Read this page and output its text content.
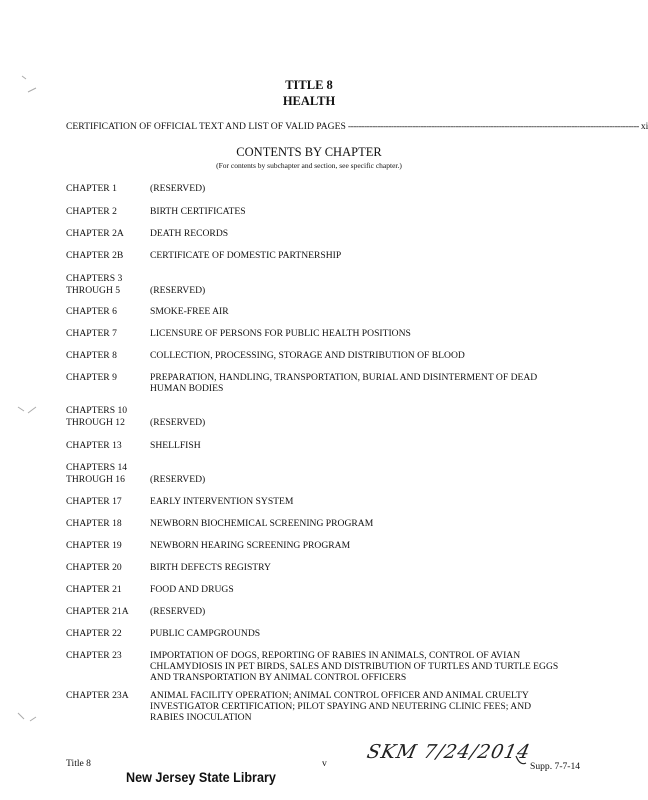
TITLE 8
HEALTH
CERTIFICATION OF OFFICIAL TEXT AND LIST OF VALID PAGES ------------------------------------------------------------------------------------------------------------ xi
CONTENTS BY CHAPTER
(For contents by subchapter and section, see specific chapter.)
CHAPTER 1	(RESERVED)
CHAPTER 2	BIRTH CERTIFICATES
CHAPTER 2A	DEATH RECORDS
CHAPTER 2B	CERTIFICATE OF DOMESTIC PARTNERSHIP
CHAPTERS 3
THROUGH 5	(RESERVED)
CHAPTER 6	SMOKE-FREE AIR
CHAPTER 7	LICENSURE OF PERSONS FOR PUBLIC HEALTH POSITIONS
CHAPTER 8	COLLECTION, PROCESSING, STORAGE AND DISTRIBUTION OF BLOOD
CHAPTER 9	PREPARATION, HANDLING, TRANSPORTATION, BURIAL AND DISINTERMENT OF DEAD HUMAN BODIES
CHAPTERS 10
THROUGH 12	(RESERVED)
CHAPTER 13	SHELLFISH
CHAPTERS 14
THROUGH 16	(RESERVED)
CHAPTER 17	EARLY INTERVENTION SYSTEM
CHAPTER 18	NEWBORN BIOCHEMICAL SCREENING PROGRAM
CHAPTER 19	NEWBORN HEARING SCREENING PROGRAM
CHAPTER 20	BIRTH DEFECTS REGISTRY
CHAPTER 21	FOOD AND DRUGS
CHAPTER 21A	(RESERVED)
CHAPTER 22	PUBLIC CAMPGROUNDS
CHAPTER 23	IMPORTATION OF DOGS, REPORTING OF RABIES IN ANIMALS, CONTROL OF AVIAN CHLAMYDIOSIS IN PET BIRDS, SALES AND DISTRIBUTION OF TURTLES AND TURTLE EGGS AND TRANSPORTATION BY ANIMAL CONTROL OFFICERS
CHAPTER 23A	ANIMAL FACILITY OPERATION; ANIMAL CONTROL OFFICER AND ANIMAL CRUELTY INVESTIGATOR CERTIFICATION; PILOT SPAYING AND NEUTERING CLINIC FEES; AND RABIES INOCULATION
Title 8	v	Supp. 7-7-14
New Jersey State Library
SKM 7/24/2014
